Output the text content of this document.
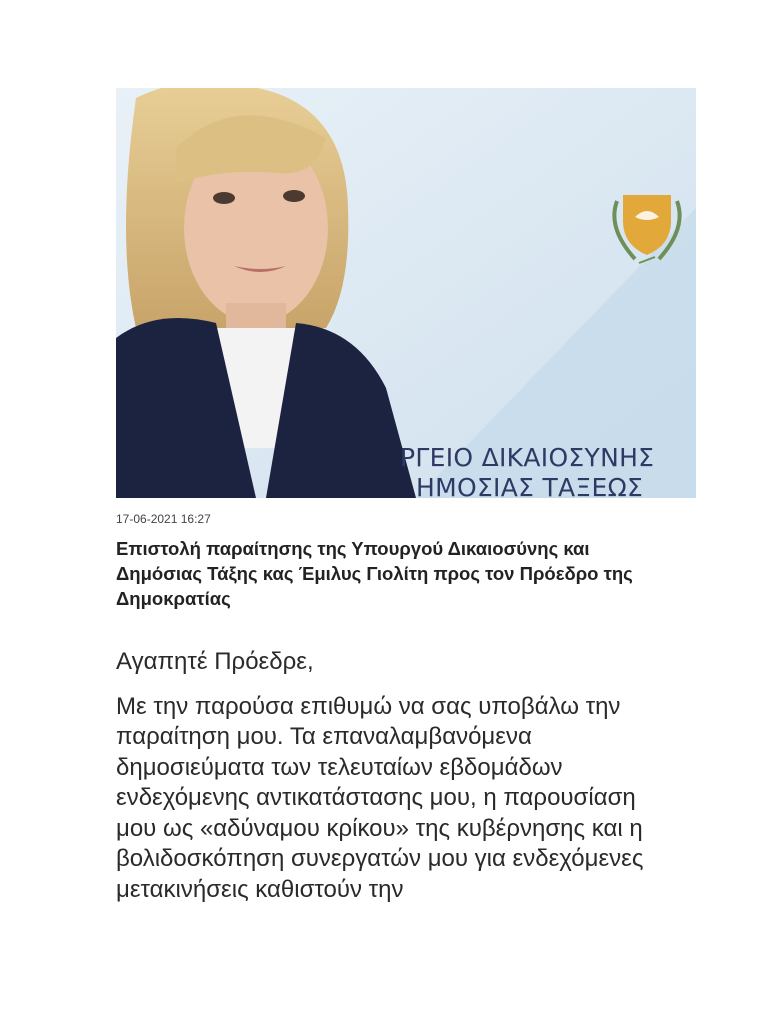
ΡΓΕΙΟ ΔΙΚΑΙΟΣΥΝΗΣ
ΗΜΟΣΙΑΣ ΤΑΞΕΩΣ
17-06-2021 16:27
Επιστολή παραίτησης της Υπουργού Δικαιοσύνης και Δημόσιας Τάξης κας Έμιλυς Γιολίτη προς τον Πρόεδρο της Δημοκρατίας

Αγαπητέ Πρόεδρε,

Με την παρούσα επιθυμώ να σας υποβάλω την παραίτηση μου. Τα επαναλαμβανόμενα δημοσιεύματα των τελευταίων εβδομάδων ενδεχόμενης αντικατάστασης μου, η παρουσίαση μου ως «αδύναμου κρίκου» της κυβέρνησης και η βολιδοσκόπηση συνεργατών μου για ενδεχόμενες μετακινήσεις καθιστούν την
